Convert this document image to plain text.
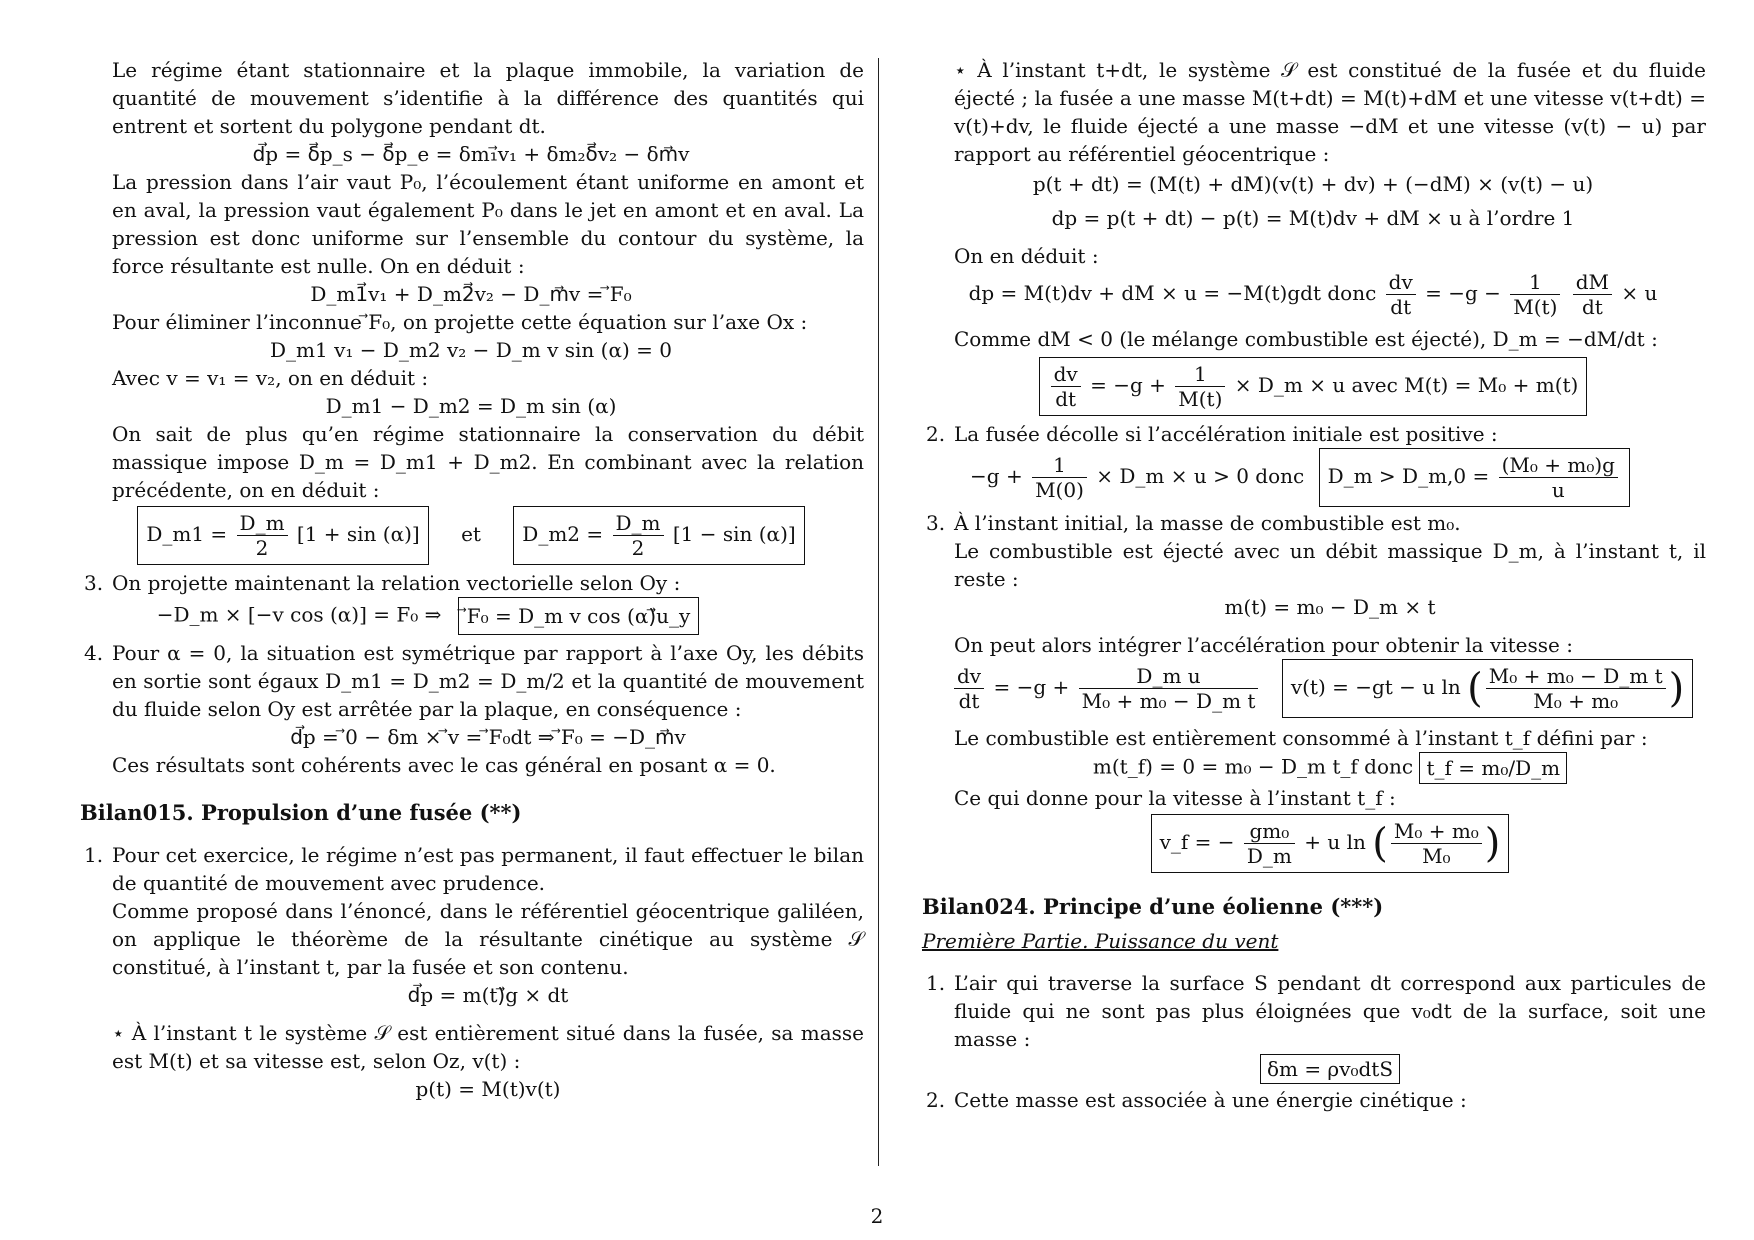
Le régime étant stationnaire et la plaque immobile, la variation de quantité de mouvement s’identifie à la différence des quantités qui entrent et sortent du polygone pendant dt.

d⃗p = δ⃗p_s − δ⃗p_e = δm₁⃗v₁ + δm₂δ⃗v₂ − δm⃗v

La pression dans l’air vaut P₀, l’écoulement étant uniforme en amont et en aval, la pression vaut également P₀ dans le jet en amont et en aval. La pression est donc uniforme sur l’ensemble du contour du système, la force résultante est nulle. On en déduit :

D_m1⃗v₁ + D_m2⃗v₂ − D_m⃗v = ⃗F₀

Pour éliminer l’inconnue ⃗F₀, on projette cette équation sur l’axe Ox :

D_m1 v₁ − D_m2 v₂ − D_m v sin (α) = 0

Avec v = v₁ = v₂, on en déduit :

D_m1 − D_m2 = D_m sin (α)

On sait de plus qu’en régime stationnaire la conservation du débit massique impose D_m = D_m1 + D_m2. En combinant avec la relation précédente, on en déduit :

D_m1 = $\frac{D\_m}{2} [1 + \sin (\alpha)]$ et D_m2 = $\frac{D\_m}{2} [1 - \sin (\alpha)]$
3. On projette maintenant la relation vectorielle selon Oy :

−D_m × [−v cos (α)] = F₀ ⇒ ⃗F₀ = D_m v cos (α)⃗u_y

4. Pour α = 0, la situation est symétrique par rapport à l’axe Oy, les débits en sortie sont égaux D_m1 = D_m2 = D_m/2 et la quantité de mouvement du fluide selon Oy est arrêtée par la plaque, en conséquence :

d⃗p = ⃗0 − δm × ⃗v = ⃗F₀dt ⇒ ⃗F₀ = −D_m⃗v

Ces résultats sont cohérents avec le cas général en posant α = 0.

Bilan015. Propulsion d’une fusée (**)

1. Pour cet exercice, le régime n’est pas permanent, il faut effectuer le bilan de quantité de mouvement avec prudence.

Comme proposé dans l’énoncé, dans le référentiel géocentrique galiléen, on applique le théorème de la résultante cinétique au système 𝒮 constitué, à l’instant t, par la fusée et son contenu.

d⃗p = m(t)⃗g × dt

⋆ À l’instant t le système 𝒮 est entièrement situé dans la fusée, sa masse est M(t) et sa vitesse est, selon Oz, v(t) :

p(t) = M(t)v(t)

⋆ À l’instant t+dt, le système 𝒮 est constitué de la fusée et du fluide éjecté ; la fusée a une masse M(t+dt) = M(t)+dM et une vitesse v(t+dt) = v(t)+dv, le fluide éjecté a une masse −dM et une vitesse (v(t) − u) par rapport au référentiel géocentrique :

p(t + dt) = (M(t) + dM)(v(t) + dv) + (−dM) × (v(t) − u)

dp = p(t + dt) − p(t) = M(t)dv + dM × u à l’ordre 1

On en déduit :

dp = M(t)dv + dM × u = −M(t)gdt donc $\frac{dv}{dt} = -g - \frac{1}{M(t)}$
$\frac{dM}{dt} \times u$

Comme dM < 0 (le mélange combustible est éjecté), D_m = −dM/dt :

$\frac{dv}{dt} = -g + \frac{1}{M(t)}$ × D_m × u avec M(t) = M₀ + m(t)

2. La fusée décolle si l’accélération initiale est positive :

$-g + \frac{1}{M(0)}$ × D_m × u > 0 donc D_m > D_m,0 = $\frac{\text{(M₀ + m₀)g}}{u}$

3. À l’instant initial, la masse de combustible est m₀.

Le combustible est éjecté avec un débit massique D_m, à l’instant t, il reste :

m(t) = m₀ − D_m × t

On peut alors intégrer l’accélération pour obtenir la vitesse :

$\frac{dv}{dt} = -g + \frac{\text{D\_m u}}{\text{M₀ + m₀ − D\_m t}} v(t) = -gt - u$ ln ( $\frac{\text{M₀ + m₀ − D\_m t}}{\text{M₀ + m₀}}$ )

Le combustible est entièrement consommé à l’instant t_f défini par :

m(t_f) = 0 = m₀ − D_m t_f donc t_f = m₀/D_m

Ce qui donne pour la vitesse à l’instant t_f :

v_f = − $\frac{\text{gm₀}}{D\_m} + u$ ln ( $\frac{\text{M₀ + m₀}}{\text{M₀}}$ )

Bilan024. Principe d’une éolienne (***)

Première Partie. Puissance du vent

1. L’air qui traverse la surface S pendant dt correspond aux particules de fluide qui ne sont pas plus éloignées que v₀dt de la surface, soit une masse :

δm = ρv₀dtS

2. Cette masse est associée à une énergie cinétique :

2
